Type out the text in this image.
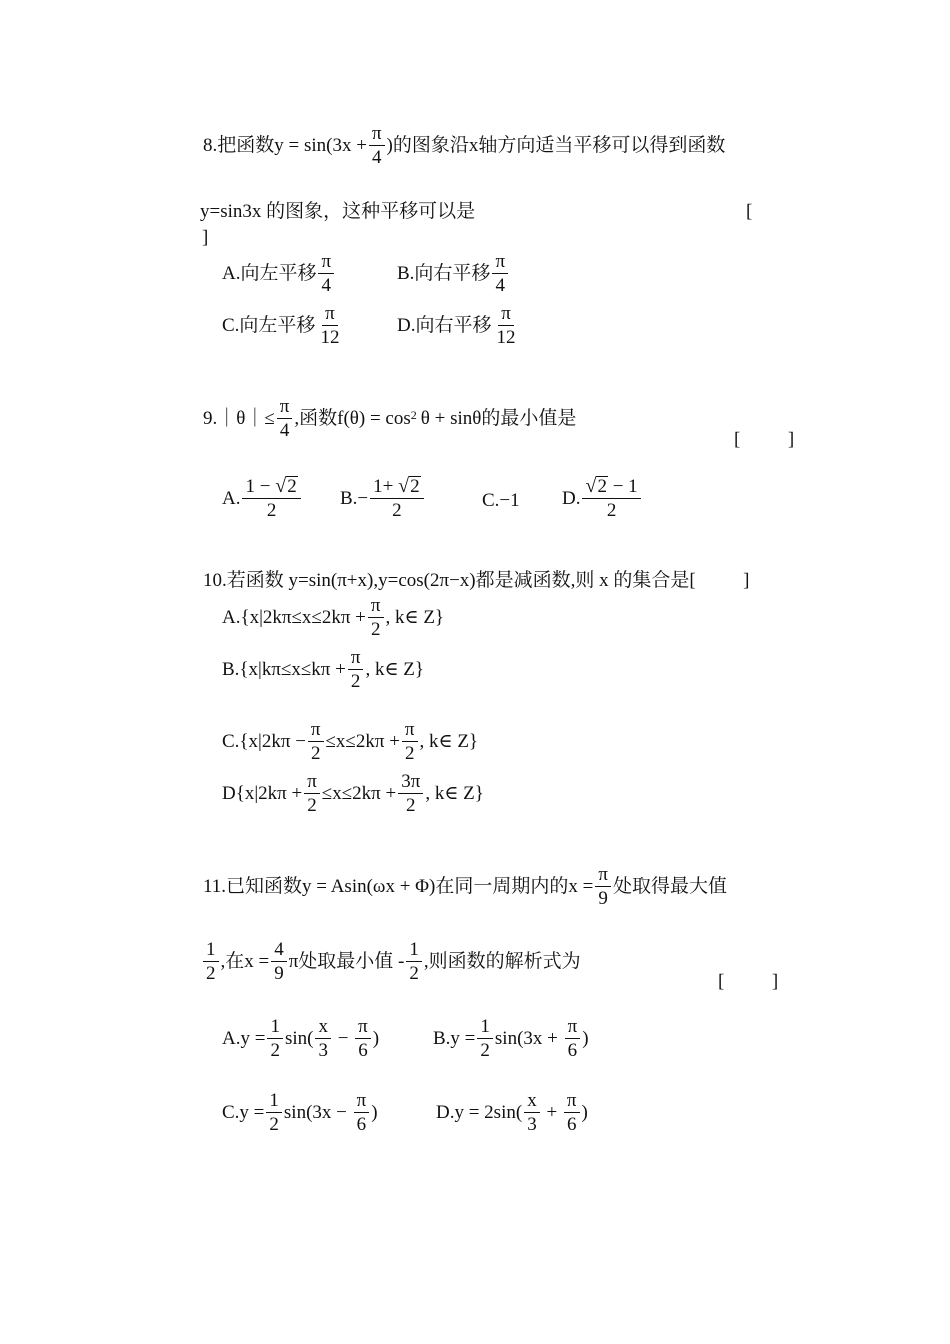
8.把函数$y = \sin(3x + \frac{\pi}{4}$ )的图象沿x轴方向适当平移可以得到函数
y=sin3x 的图象，这种平移可以是	[
]
A.向左平移 $\frac{\pi}{4}$	B.向右平移 $\frac{\pi}{4}$
C.向左平移 $\frac{\pi}{12}$	D.向右平移 $\frac{\pi}{12}$
9.｜θ｜≤ $\frac{\pi}{4}$ ,函数f(θ) = cos 2 θ + sinθ的最小值是
[          ]
A. $\frac{1 - √ 2}{2} B.- \frac{1+ √ 2}{2}$	C.−1 D. $\frac{√ 2 - 1}{2}$
10.若函数 y=sin(π+x),y=cos(2π−x)都是减函数,则 x 的集合是[          ]
$A.\{x|2k\pi\le x\le 2k\pi + \frac{\pi}{2}$ , k∈ Z}
$B.\{x|k\pi\le x\le k\pi + \frac{\pi}{2}$ , k∈ Z}
$C.\{x|2k\pi - \frac{\pi}{2} \le x\le 2k\pi + \frac{\pi}{2}$ , k∈ Z}
$D\{x|2k\pi + \frac{\pi}{2} \le x\le 2k\pi + \frac{3\pi}{2}$ , k∈ Z}
11.已知函数y = Asin(ωx + Φ)在同一周期内的$x = \frac{\pi}{9}$ 处取得最大值
$\frac{1}{2}$ ,在$x = \frac{4}{9}$ π处取最小值 - $\frac{1}{2}$ ,则函数的解析式为
[          ]
$A.y = \frac{1}{2} \sin( \frac{x}{3} - \frac{\pi}{6}$ )	$B.y = \frac{1}{2} \sin(3x + \frac{\pi}{6}$ )
$C.y = \frac{1}{2} \sin(3x - \frac{\pi}{6}$ )	$D.y = 2\sin( \frac{x}{3} + \frac{\pi}{6}$ )
